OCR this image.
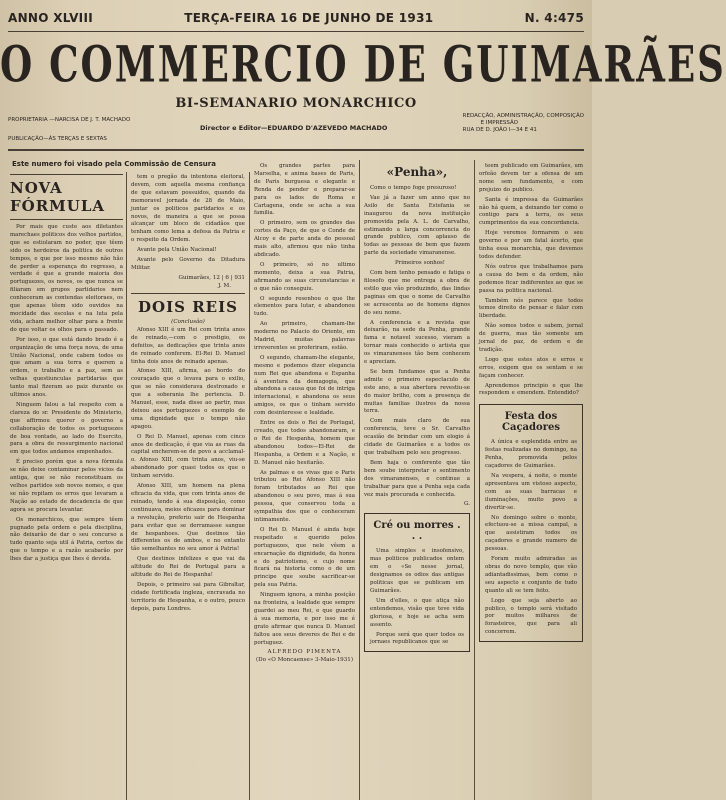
ANNO XLVIII	TERÇA-FEIRA 16 DE JUNHO DE 1931	N. 4:475
O COMMERCIO DE GUIMARÃES
BI-SEMANARIO MONARCHICO
PROPRIETARIA —NARCISA DE J. T. MACHADO
PUBLICAÇÃO—ÁS TERÇAS E SEXTAS
Director e Editor—EDUARDO D'AZEVEDO MACHADO
REDACÇÃO, ADMINISTRAÇÃO, COMPOSIÇÃO
E IMPRESSÃO
RUA DE D. JOÃO I—34 E 41
Este numero foi visado pela Commissão de Censura
NOVA FÓRMULA

Por mais que custe aos diletantes marechaes politicos dos velhos partidos, que se estiolaram no poder, que têem sido os herdeiros da politica de outros tempos, e que por isso mesmo não hão de perder a esperança do regresso, a verdade é que a grande maioria dos portuguezes, os novos, os que nunca se filiaram em grupos partidarios nem conheceram as contendas eleitoraes, os que apenas têem sido ouvidos na mocidade das escolas e na luta pela vida, acham melhor olhar para a frente do que voltar os olhos para o passado.

Por isso, o que está dando brado é a organização de uma força nova, de uma União Nacional, onde cabem todos os que amam a sua terra e querem a ordem, o trabalho e a paz, sem as velhas questiunculas partidarias que tanto mal fizeram ao paiz durante os ultimos anos.

Ninguem falou a tal respeito com a clareza do sr. Presidente do Ministerio, que affirmou querer o governo a collaboração de todos os portuguezes de boa vontade, ao lado do Exercito, para a obra de ressurgimento nacional em que todos andamos empenhados.

É preciso porém que a nova fórmula se não deixe contaminar pelos vicios da antiga, que se não reconstituam os velhos partidos sob novos nomes, e que se não repitam os erros que levaram a Nação ao estado de decadencia de que agora se procura levantar.

Os monarchicos, que sempre têem pugnado pela ordem e pela disciplina, não deixarão de dar o seu concurso a tudo quanto seja util á Patria, certos de que o tempo e a razão acabarão por lhes dar a justiça que lhes é devida.

tem o pregão da intentona eleitoral, devem, com aquella mesma confiança de que estavam possuidos, quando da memoravel jornada de 28 de Maio, juntar os politicos partidarios e os novos, de maneira a que se possa alcançar um bloco de cidadãos que tenham como lema a defesa da Patria e o respeito da Ordem.

Avante pela União Nacional!

Avante pelo Governo da Ditadura Militar.

Guimarães, 12 | 6 | 931
J. M.
DOIS REIS
(Conclusão)

Afonso XIII é um Rei com trinta anos de reinado,—com o prestigio, os defeitos, as dedicações que trinta anos de reinado conferem. El-Rei D. Manuel tinha dois anos de reinado apenas.

Afonso XIII, afirma, ao bordo do couraçado que o levava para o exilio, que se não considerava destronado e que a soberania lhe pertencia. D. Manuel, esse, nada disse ao partir, mas deixou aos portuguezes o exemplo de uma dignidade que o tempo não apagou.

O Rei D. Manuel, apenas com cinco anos de dedicação, é que via as ruas da capital encherem-se de povo a acclamal-o. Afonso XIII, com trinta anos, viu-se abandonado por quasi todos os que o tinham servido.

Afonso XIII, um homem na plena eficacia da vida, que com trinta anos de reinado, tendo á sua disposição, como continuava, meios eficazes para dominar a revolução, preferiu sair de Hespanha para evitar que se derramasse sangue de hespanhoes. Que destinos tão differentes os de ambos, e no entanto tão semelhantes no seu amor á Patria!

Que destinos infelizes e que vai da altitude do Rei de Portugal para a altitude do Rei de Hespanha!

Depois, o primeiro sai para Gibraltar, cidade fortificada ingleza, encravada no territorio de Hespanha, e o outro, pouco depois, para Londres.

Os grandes partes para Marselha, e anima bases de Paris, de Paris burguesa e elegante e Renda de pender e preparar-se para os lados de Roma e Cartagena, onde se acha a sua familia.

O primeiro, sem os grandes das cortes da Paço, de que o Conde de Alcoy e de parte anda do pessoal mais alto, afirmou que não tinha abdicado.

O primeiro, só no ultimo momento, deixa a sua Patria, afirmando as suas circunstancias e o que não conseguiu.

O segundo resenhou o que lhe elementos para lutar, e abandonou tudo.

Ao primeiro, chamam-lhe moderno no Palacio do Oriente, em Madrid, muitas palavras irreverentes se proferiram, estão.

O segundo, chamam-lhe elegante, mesmo e podemos dizer elegancia num Rei que abandona e Espanha á aventura da demagogia, que abandona a causa que foi de intriga internacional, e abandona os seus amigos, os que o tinham servido com desinteresse e lealdade.

Entre os dois o Rei de Portugal, creado, que todos abandonaram, e o Rei de Hespanha, homem que abandonou todos—El-Rei de Hespanha, a Ordem e a Nação, e D. Manuel não hesitarão.

As palmas e os vivas que o Paris tributou ao Rei Afonso XIII não foram tributados ao Rei que abandonou o seu povo, mas á sua pessoa, que conservou toda a sympathia dos que o conheceram intimamente.

O Rei D. Manuel é ainda hoje respeitado e querido pelos portuguezes, que nele vêem a encarnação da dignidade, da honra e do patriotismo, e cujo nome ficará na historia como o de um principe que soube sacrificar-se pela sua Patria.

Ninguem ignora, a minha posição na fronteira, a lealdade que sempre guardei ao meu Rei, e que guardo á sua memoria, e por isso me é grato afirmar que nunca D. Manuel faltou aos seus deveres de Rei e de portuguez.

ALFREDO PIMENTA
(Do «O Moncaense» 3-Maio-1931)
«Penha»,

Como o tempo foge presuroso!

Vae já a fazer um anno que no Asilo de Santa Estefania se inaugurou da nova instituição promovida pela A. L. de Carvalho, estimando a larga concorrencia do grande publico, com aplauso de todas as pessoas de bem que fazem parte da sociedade vimaranense.

Primeiros sonhos!

Com bem tenho pensado e fatiga o filosofo que me entrega a obra de estilo que vão produzindo, das lindas paginas em que o nome de Carvalho se acrescenta ao de homens dignos do seu nome.

A conferencia e a revista que deixarão, na sede da Penha, grande fama e notavel sucesso, vieram a tornar mais conhecido o artista que os vimaranenses tão bem conhecem e apreciam.

Se bem fundamos que a Penha admite o primeiro espectaculo de este ano, a sua abertura revestiu-se do maior brilho, com a presença de muitas familias ilustres da nossa terra.

Com mais claro de sua conferencia, teve o Sr. Carvalho ocasião de brindar com um elogio á cidade de Guimarães e a todos os que trabalham pelo seu progresso.

Bem haja o conferente que tão bem soube interpretar o sentimento dos vimaranenses, e continue a trabalhar para que a Penha seja cada vez mais procurada e conhecida.

G.
Cré ou morres . . .

Uma simples e insofensivo, mas politicos publicados ontem em o «Se nesse jornal, designamos os odios das antigas politicas que se publicam em Guimarães.

Um d'elles, o que atiça não entendemos, visão que teve vida gloriosa, e hoje se acha sem assento.

Porque será que quer todos os jornaes republicanos que se

teem publicado em Guimarães, um orfeão devem ter a ofensa de um nome sem fundamento, e com prejuizo do publico.

Santa é impressa da Guimarães não há quem, a deixando ter como o contigo para a terra, os seus cumprimentos da sua concordancia.

Hoje veremos formarem o seu governo e por um fatal ácerto, que tinha essa monarchia, que devemos todos defender.

Nós outros que trabalhamos para a causa do bem e da ordem, não podemos ficar indiferentes ao que se passa na politica nacional.

Também nós parece que todos temos direito de pensar e falar com liberdade.

Não somos todos e sabem, jornal de guerra, mas tão somente um jornal de paz, de ordem e de tradição.

Logo que estes atos e erros e erros, exigem que os sentam e se façam conhecer.

Aprendemos principio e que lhe respondem e emendem. Entendido?

Festa dos Caçadores

A única e esplendida entre as festas realizadas no domingo, na Penha, promovida pelos caçadores de Guimarães.

Na vespera, á noite, o monte apresentava um vistoso aspecto, com as suas barracas e iluminações, muito povo a divertir-se.

No domingo sobre o monte, efectuou-se a missa campal, a que assistiram todos os caçadores e grande numero de pessoas.

Foram muito admiradas as obras do novo templo, que vão adiantadissimas, bem como o seu aspecto e conjunto de tudo quanto ali se tem feito.

Logo que seja aberto ao publico, o templo será visitado por muitos milhares de forasteiros, que para ali concorrem.
